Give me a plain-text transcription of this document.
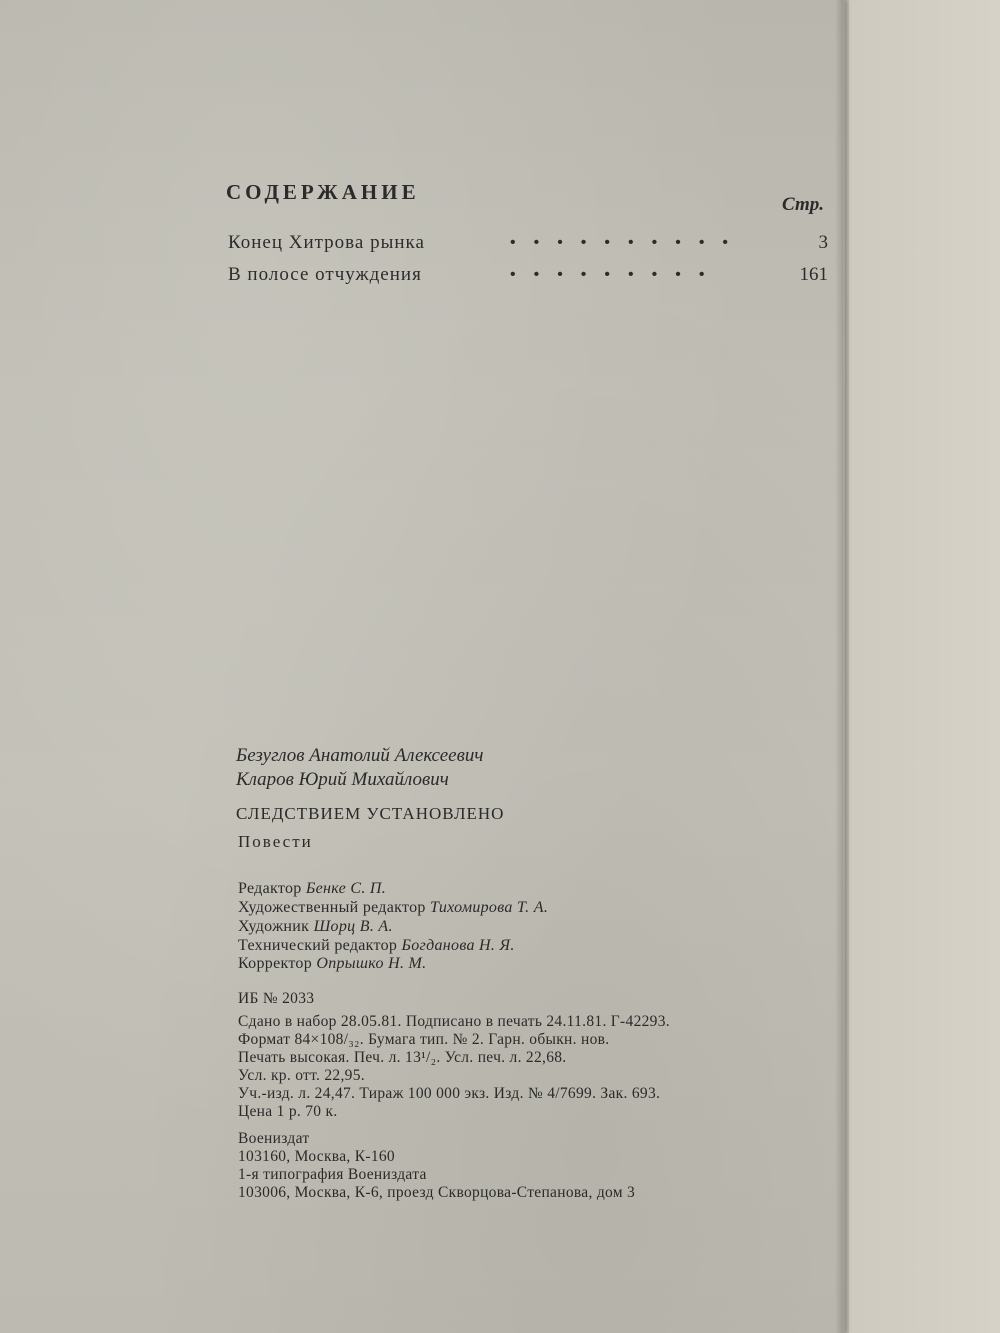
СОДЕРЖАНИЕ
Стр.
Конец Хитрова рынка	••••••••••	3
В полосе отчуждения	•••••••••	161
Безуглов Анатолий Алексеевич
Кларов Юрий Михайлович
СЛЕДСТВИЕМ УСТАНОВЛЕНО
Повести
Редактор Бенке С. П.
Художественный редактор Тихомирова Т. А.
Художник Шорц В. А.
Технический редактор Богданова Н. Я.
Корректор Опрышко Н. М.
ИБ № 2033
Сдано в набор 28.05.81. Подписано в печать 24.11.81. Г-42293.
Формат 84×108/₃₂. Бумага тип. № 2. Гарн. обыкн. нов.
Печать высокая. Печ. л. 13¹/₂. Усл. печ. л. 22,68.
Усл. кр. отт. 22,95.
Уч.-изд. л. 24,47. Тираж 100 000 экз. Изд. № 4/7699. Зак. 693.
Цена 1 р. 70 к.
Воениздат
103160, Москва, К-160
1-я типография Воениздата
103006, Москва, К-6, проезд Скворцова-Степанова, дом 3
